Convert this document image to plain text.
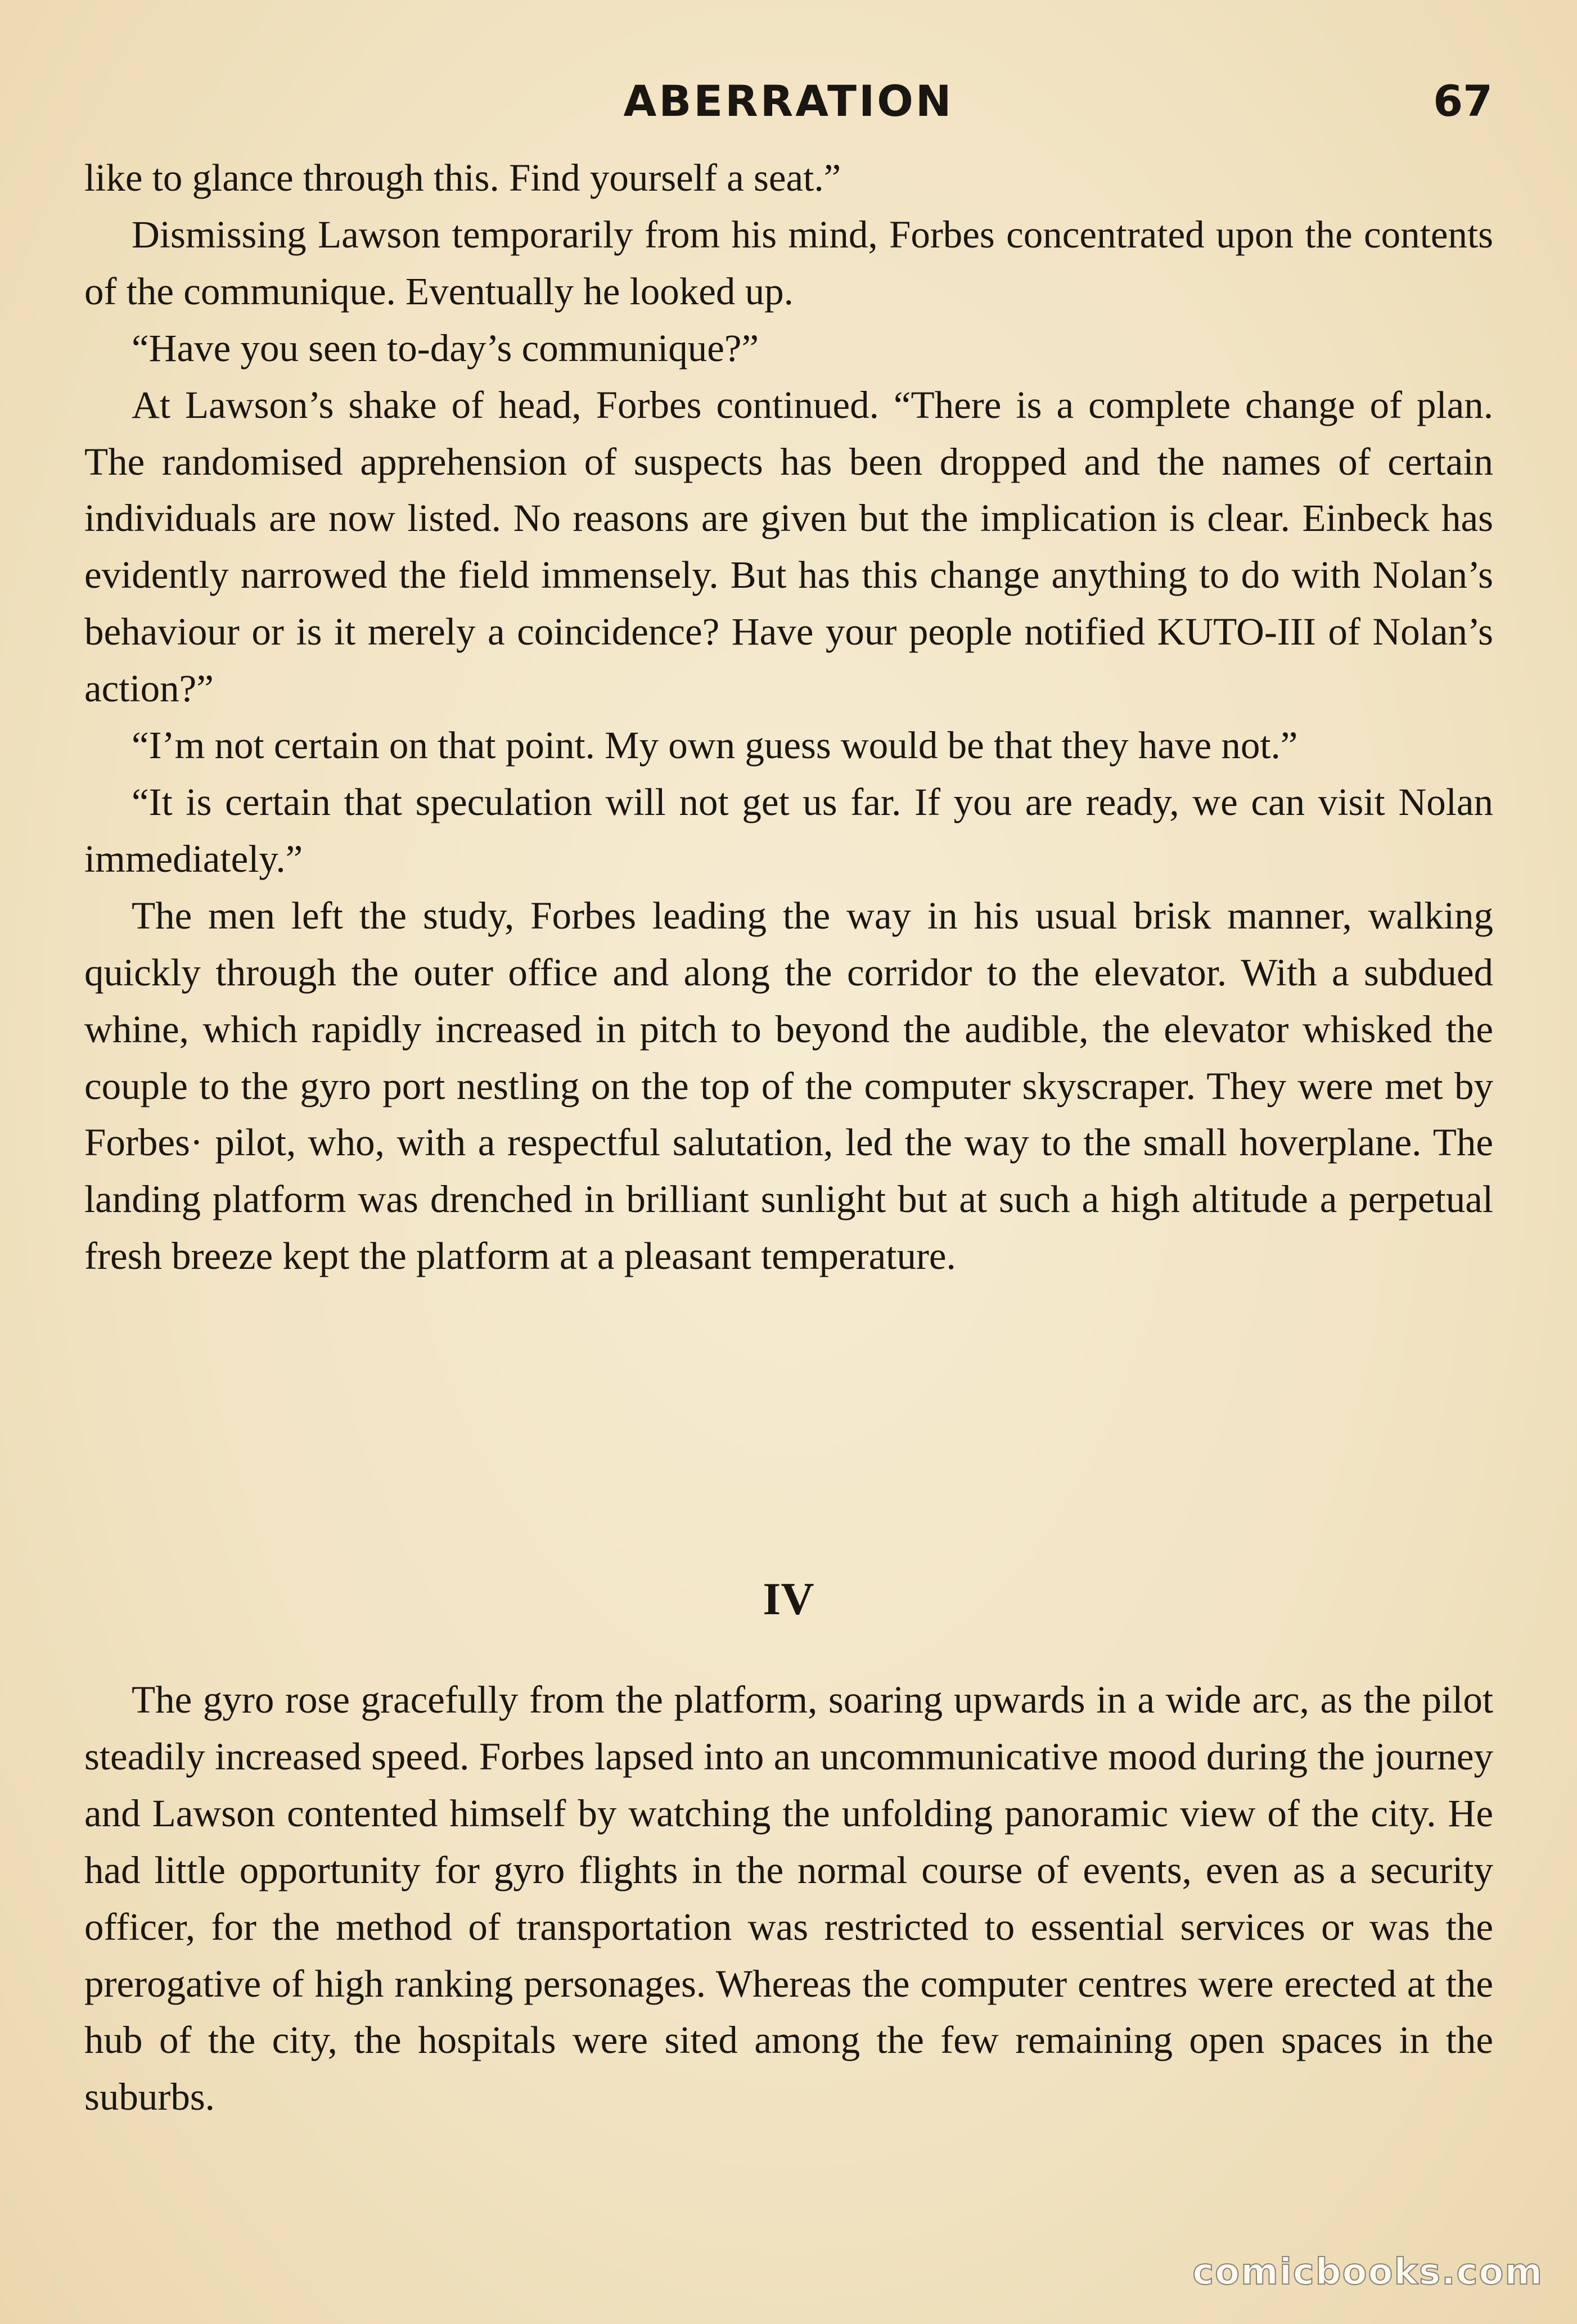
ABERRATION	67

like to glance through this. Find yourself a seat.”

Dismissing Lawson temporarily from his mind, Forbes concentrated upon the contents of the communique. Eventually he looked up.

“Have you seen to-day’s communique?”

At Lawson’s shake of head, Forbes continued. “There is a complete change of plan. The randomised apprehension of suspects has been dropped and the names of certain individuals are now listed. No reasons are given but the implication is clear. Einbeck has evidently narrowed the field immensely. But has this change anything to do with Nolan’s behaviour or is it merely a coincidence? Have your people notified KUTO-III of Nolan’s action?”

“I’m not certain on that point. My own guess would be that they have not.”

“It is certain that speculation will not get us far. If you are ready, we can visit Nolan immediately.”

The men left the study, Forbes leading the way in his usual brisk manner, walking quickly through the outer office and along the corridor to the elevator. With a subdued whine, which rapidly increased in pitch to beyond the audible, the elevator whisked the couple to the gyro port nestling on the top of the computer skyscraper. They were met by Forbes· pilot, who, with a respectful salutation, led the way to the small hoverplane. The landing platform was drenched in brilliant sunlight but at such a high altitude a perpetual fresh breeze kept the platform at a pleasant temperature.

IV

The gyro rose gracefully from the platform, soaring upwards in a wide arc, as the pilot steadily increased speed. Forbes lapsed into an uncommunicative mood during the journey and Lawson contented himself by watching the unfolding panoramic view of the city. He had little opportunity for gyro flights in the normal course of events, even as a security officer, for the method of transportation was restricted to essential services or was the prerogative of high ranking personages. Whereas the computer centres were erected at the hub of the city, the hospitals were sited among the few remaining open spaces in the suburbs.

comicbooks.com
